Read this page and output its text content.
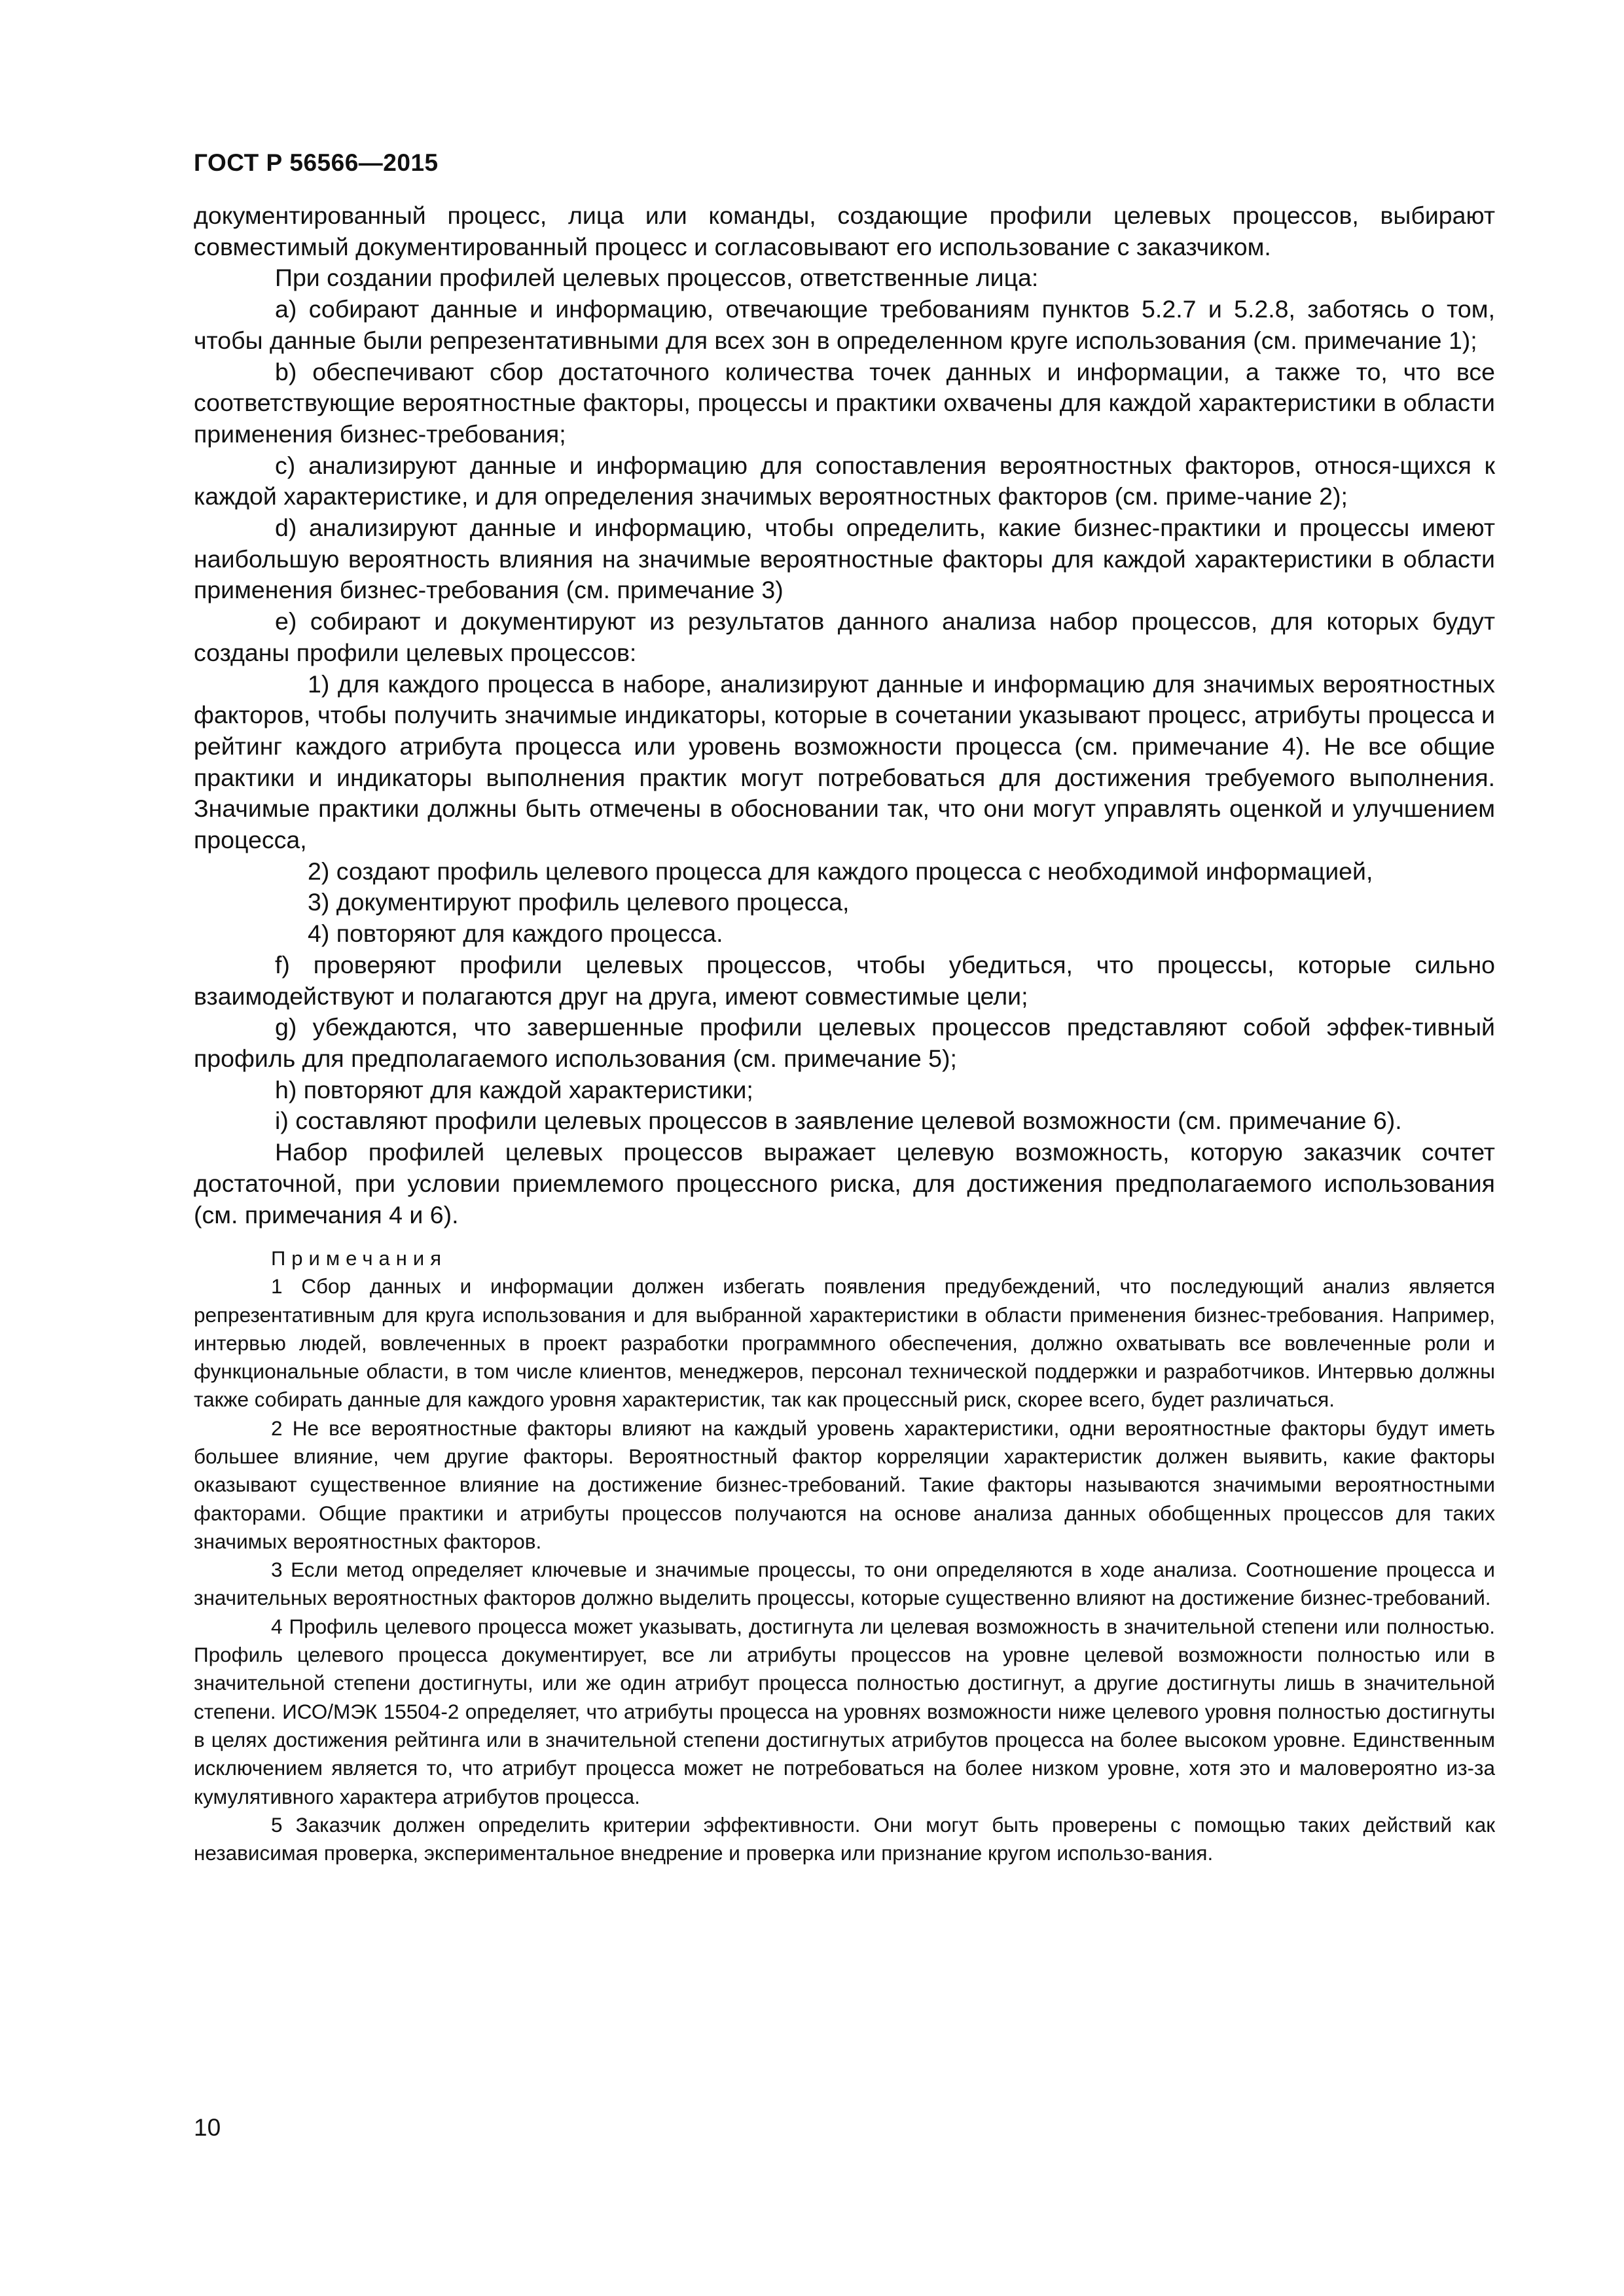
ГОСТ Р 56566—2015

документированный процесс, лица или команды, создающие профили целевых процессов, выбирают совместимый документированный процесс и согласовывают его использование с заказчиком.

При создании профилей целевых процессов, ответственные лица:

a) собирают данные и информацию, отвечающие требованиям пунктов 5.2.7 и 5.2.8, заботясь о том, чтобы данные были репрезентативными для всех зон в определенном круге использования (см. примечание 1);

b) обеспечивают сбор достаточного количества точек данных и информации, а также то, что все соответствующие вероятностные факторы, процессы и практики охвачены для каждой характеристики в области применения бизнес-требования;

c) анализируют данные и информацию для сопоставления вероятностных факторов, относя-щихся к каждой характеристике, и для определения значимых вероятностных факторов (см. приме-чание 2);

d) анализируют данные и информацию, чтобы определить, какие бизнес-практики и процессы имеют наибольшую вероятность влияния на значимые вероятностные факторы для каждой характеристики в области применения бизнес-требования (см. примечание 3)

e) собирают и документируют из результатов данного анализа набор процессов, для которых будут созданы профили целевых процессов:

1) для каждого процесса в наборе, анализируют данные и информацию для значимых вероятностных факторов, чтобы получить значимые индикаторы, которые в сочетании указывают процесс, атрибуты процесса и рейтинг каждого атрибута процесса или уровень возможности процесса (см. примечание 4). Не все общие практики и индикаторы выполнения практик могут потребоваться для достижения требуемого выполнения. Значимые практики должны быть отмечены в обосновании так, что они могут управлять оценкой и улучшением процесса,

2) создают профиль целевого процесса для каждого процесса с необходимой информацией,

3) документируют профиль целевого процесса,

4) повторяют для каждого процесса.

f) проверяют профили целевых процессов, чтобы убедиться, что процессы, которые сильно взаимодействуют и полагаются друг на друга, имеют совместимые цели;

g) убеждаются, что завершенные профили целевых процессов представляют собой эффек-тивный профиль для предполагаемого использования (см. примечание 5);

h) повторяют для каждой характеристики;

i) составляют профили целевых процессов в заявление целевой возможности (см. примечание 6).

Набор профилей целевых процессов выражает целевую возможность, которую заказчик сочтет достаточной, при условии приемлемого процессного риска, для достижения предполагаемого использования (см. примечания 4 и 6).

Примечания

1 Сбор данных и информации должен избегать появления предубеждений, что последующий анализ является репрезентативным для круга использования и для выбранной характеристики в области применения бизнес-требования. Например, интервью людей, вовлеченных в проект разработки программного обеспечения, должно охватывать все вовлеченные роли и функциональные области, в том числе клиентов, менеджеров, персонал технической поддержки и разработчиков. Интервью должны также собирать данные для каждого уровня характеристик, так как процессный риск, скорее всего, будет различаться.

2 Не все вероятностные факторы влияют на каждый уровень характеристики, одни вероятностные факторы будут иметь большее влияние, чем другие факторы. Вероятностный фактор корреляции характеристик должен выявить, какие факторы оказывают существенное влияние на достижение бизнес-требований. Такие факторы называются значимыми вероятностными факторами. Общие практики и атрибуты процессов получаются на основе анализа данных обобщенных процессов для таких значимых вероятностных факторов.

3 Если метод определяет ключевые и значимые процессы, то они определяются в ходе анализа. Соотношение процесса и значительных вероятностных факторов должно выделить процессы, которые существенно влияют на достижение бизнес-требований.

4 Профиль целевого процесса может указывать, достигнута ли целевая возможность в значительной степени или полностью. Профиль целевого процесса документирует, все ли атрибуты процессов на уровне целевой возможности полностью или в значительной степени достигнуты, или же один атрибут процесса полностью достигнут, а другие достигнуты лишь в значительной степени. ИСО/МЭК 15504-2 определяет, что атрибуты процесса на уровнях возможности ниже целевого уровня полностью достигнуты в целях достижения рейтинга или в значительной степени достигнутых атрибутов процесса на более высоком уровне. Единственным исключением является то, что атрибут процесса может не потребоваться на более низком уровне, хотя это и маловероятно из-за кумулятивного характера атрибутов процесса.

5 Заказчик должен определить критерии эффективности. Они могут быть проверены с помощью таких действий как независимая проверка, экспериментальное внедрение и проверка или признание кругом использо-вания.

10
